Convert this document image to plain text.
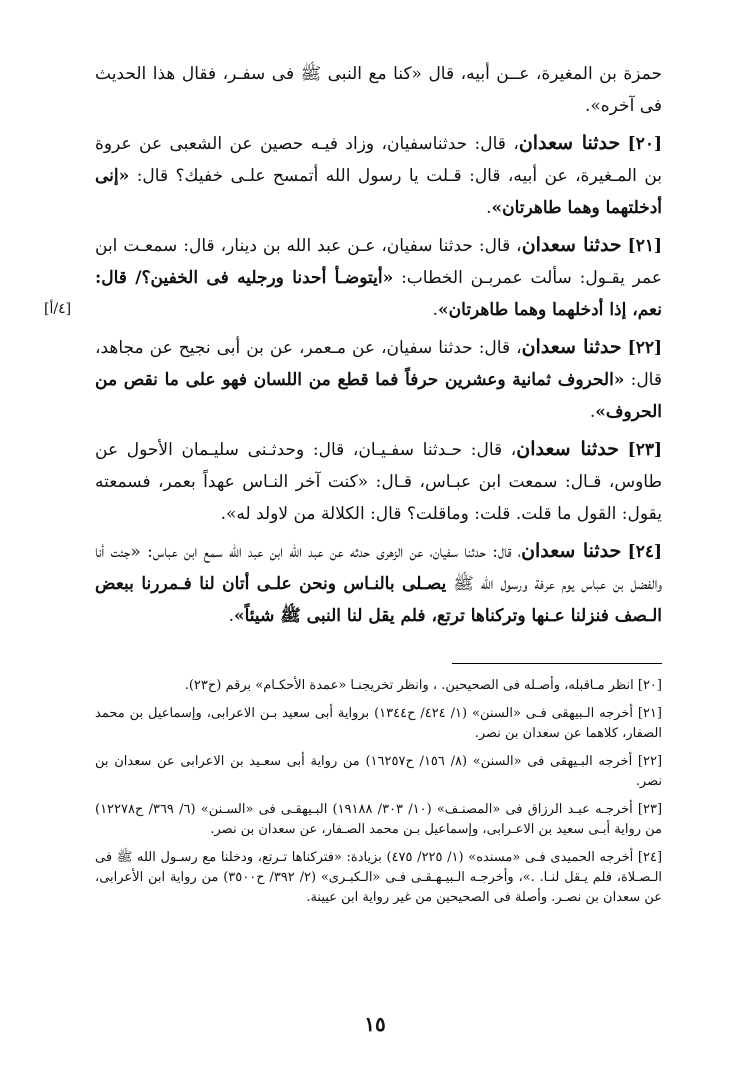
حمزة بن المغيرة، عــن أبيه، قال «كنا مع النبى ﷺ فى سفـر، فقال هذا الحديث فى آخره».

[٢٠] حدثنا سعدان، قال: حدثناسفيان، وزاد فيـه حصين عن الشعبى عن عروة بن المـغيرة، عن أبيه، قال: قـلت يا رسول الله أتمسح علـى خفيك؟ قال: «إنى أدخلتهما وهما طاهرتان».

[٢١] حدثنا سعدان، قال: حدثنا سفيان، عـن عبد الله بن دينار، قال: سمعـت ابن عمر يقـول: سألت عمربـن الخطاب: «أيتوضـأ أحدنا ورجليه فى الخفين؟/ قال: نعم، إذا أدخلهما وهما طاهرتان».

[٢٢] حدثنا سعدان، قال: حدثنا سفيان، عن مـعمر، عن بن أبى نجيح عن مجاهد، قال: «الحروف ثمانية وعشرين حرفاً فما قطع من اللسان فهو على ما نقص من الحروف».

[٢٣] حدثنا سعدان، قال: حـدثنا سفـيـان، قال: وحدثـنى سليـمان الأحول عن طاوس، قـال: سمعت ابن عبـاس، قـال: «كنت آخر النـاس عهداً بعمر، فسمعته يقول: القول ما قلت. قلت: وماقلت؟ قال: الكلالة من لاولد له».

[٢٤] حدثنا سعدان، قال: حدثنا سفيان، عن الزهرى حدثه عن عبد الله ابن عبد الله سمع ابن عباس: «جئت أنا والفضل بن عباس يوم عرفة ورسول الله ﷺ يصـلى بالنـاس ونحن علـى أتان لنا فـمررنا ببعض الـصف فنزلنا عـنها وتركناها ترتع، فلم يقل لنا النبى ﷺ شيئاً».

[٤/أ]

[٢٠] انظر مـاقبله، وأصـله فى الصحيحين. ، وانظر تخريجنـا «عمدة الأحكـام» برقم (ح٢٣).

[٢١] أخرجه الـبيهقى فـى «السنن» (١/ ٤٢٤/ ح١٣٤٤) برواية أبى سعيد بـن الاعرابى، وإسماعيل بن محمد الصفار، كلاهما عن سعدان بن نصر.

[٢٢] أخرجه البـيهقى فى «السنن» (٨/ ١٥٦/ ح١٦٢٥٧) من رواية أبى سعـيد بن الاعرابى عن سعدان بن نصر.

[٢٣] أخرجـه عبـد الرزاق فى «المصنـف» (١٠/ ٣٠٣/ ١٩١٨٨) البـيهقـى فى «السـنن» (٦/ ٣٦٩/ ح١٢٢٧٨) من رواية أبـى سعيد بن الاعـرابى، وإسماعيل بـن محمد الصـفار، عن سعدان بن نصر.

[٢٤] أخرجه الحميدى فـى «مسنده» (١/ ٢٢٥/ ٤٧٥) بزيادة: «فتركناها تـرتع، ودخلنا مع رسـول الله ﷺ فى الـصـلاة، فلم يـقل لنـا. .»، وأخرجـه الـبيـهـقـى فـى «الـكبـرى» (٢/ ٣٩٢/ ح٣٥٠٠) من رواية ابن الأعرابى، عن سعدان بن نصـر. وأصلة فى الصحيحين من غير رواية ابن عيينة.

١٥
